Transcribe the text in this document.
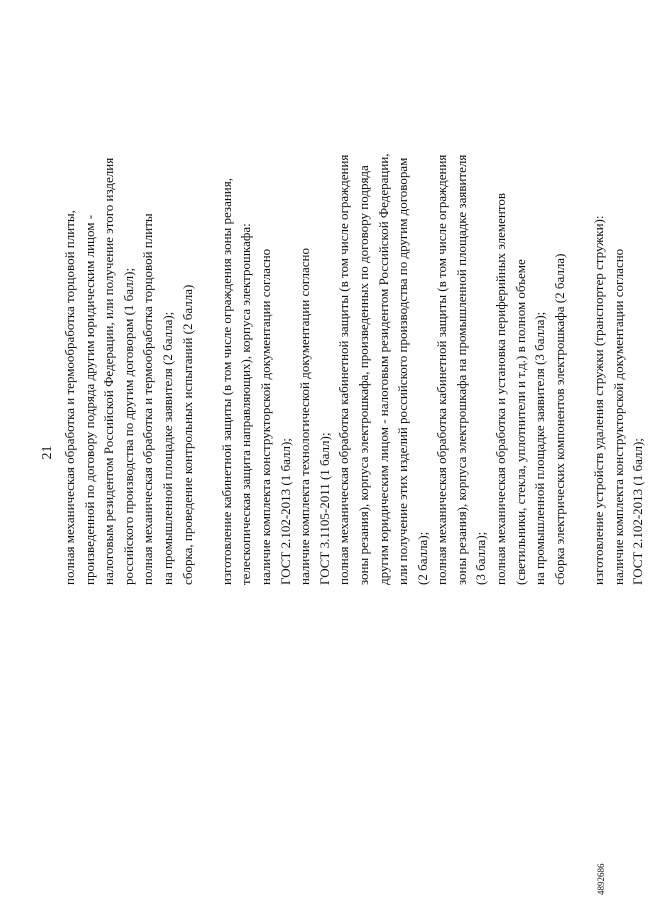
21 полная механическая обработка и термообработка торцовой плиты, произведенной по договору подряда другим юридическим лицом - налоговым резидентом Российской Федерации, или получение этого изделия российского производства по другим договорам (1 балл); полная механическая обработка и термообработка торцовой плиты на промышленной площадке заявителя (2 балла); сборка, проведение контрольных испытаний (2 балла) изготовление кабинетной защиты (в том числе ограждения зоны резания, телескопическая защита направляющих), корпуса электрошкафа: наличие комплекта конструкторской документации согласно ГОСТ 2.102-2013 (1 балл); наличие комплекта технологической документации согласно ГОСТ 3.1105-2011 (1 балл); полная механическая обработка кабинетной защиты (в том числе ограждения зоны резания), корпуса электрошкафа, произведенных по договору подряда другим юридическим лицом - налоговым резидентом Российской Федерации, или получение этих изделий российского производства по другим договорам (2 балла); полная механическая обработка кабинетной защиты (в том числе ограждения зоны резания), корпуса электрошкафа на промышленной площадке заявителя (3 балла); полная механическая обработка и установка периферийных элементов (светильники, стекла, уплотнители и т.д.) в полном объеме на промышленной площадке заявителя (3 балла); сборка электрических компонентов электрошкафа (2 балла) изготовление устройств удаления стружки (транспортер стружки): наличие комплекта конструкторской документации согласно ГОСТ 2.102-2013 (1 балл);
4892686
